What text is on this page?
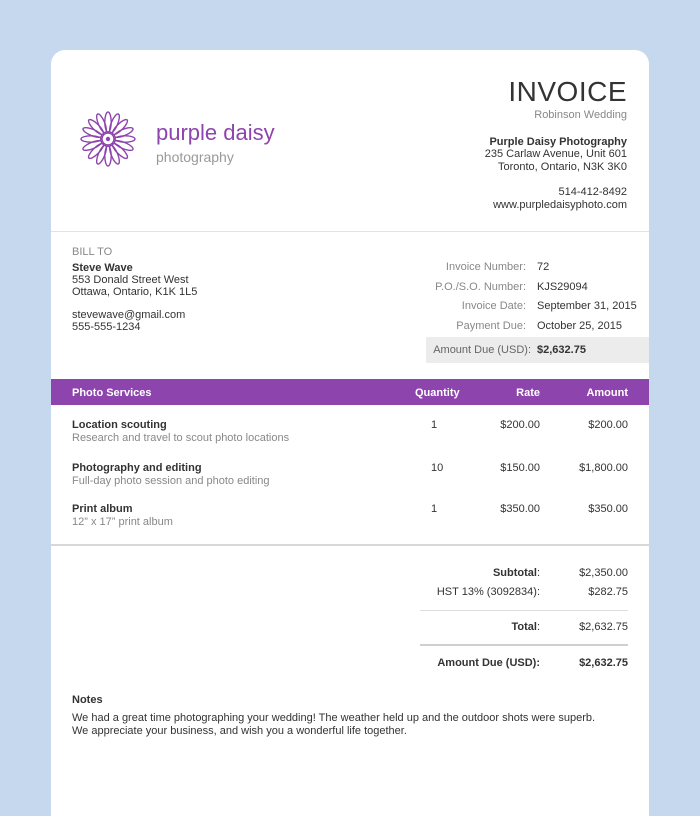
purple daisy
photography
INVOICE
Robinson Wedding
Purple Daisy Photography
235 Carlaw Avenue, Unit 601
Toronto, Ontario, N3K 3K0
514-412-8492
www.purpledaisyphoto.com
BILL TO
Steve Wave
553 Donald Street West
Ottawa, Ontario, K1K 1L5
stevewave@gmail.com
555-555-1234
Invoice Number:	72
P.O./S.O. Number:	KJS29094
Invoice Date:	September 31, 2015
Payment Due:	October 25, 2015
Amount Due (USD): $2,632.75
Photo Services	Quantity	Rate	Amount
Location scouting
Research and travel to scout photo locations
1	$200.00	$200.00
Photography and editing
Full-day photo session and photo editing
10	$150.00	$1,800.00
Print album
12” x 17” print album
1	$350.00	$350.00
Subtotal:	$2,350.00
HST 13% (3092834):	$282.75
Total:	$2,632.75
Amount Due (USD):	$2,632.75
Notes
We had a great time photographing your wedding! The weather held up and the outdoor shots were superb. We appreciate your business, and wish you a wonderful life together.
